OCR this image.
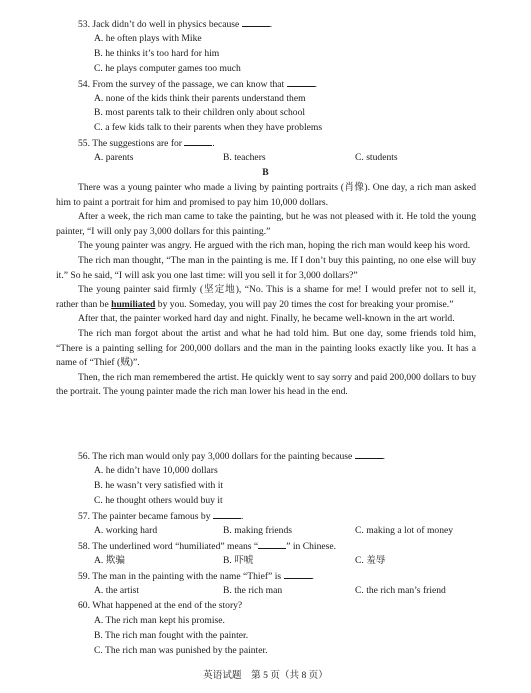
53. Jack didn’t do well in physics because	.
A. he often plays with Mike
B. he thinks it’s too hard for him
C. he plays computer games too much
54. From the survey of the passage, we can know that	.
A. none of the kids think their parents understand them
B. most parents talk to their children only about school
C. a few kids talk to their parents when they have problems
55. The suggestions are for	.
A. parents	B. teachers	C. students
B

There was a young painter who made a living by painting portraits (肖像). One day, a rich man asked him to paint a portrait for him and promised to pay him 10,000 dollars.

After a week, the rich man came to take the painting, but he was not pleased with it. He told the young painter, “I will only pay 3,000 dollars for this painting.”

The young painter was angry. He argued with the rich man, hoping the rich man would keep his word.

The rich man thought, “The man in the painting is me. If I don’t buy this painting, no one else will buy it.” So he said, “I will ask you one last time: will you sell it for 3,000 dollars?”

The young painter said firmly (坚定地), “No. This is a shame for me! I would prefer not to sell it, rather than be humiliated by you. Someday, you will pay 20 times the cost for breaking your promise.”

After that, the painter worked hard day and night. Finally, he became well-known in the art world.

The rich man forgot about the artist and what he had told him. But one day, some friends told him, “There is a painting selling for 200,000 dollars and the man in the painting looks exactly like you. It has a name of “Thief (贼)”.

Then, the rich man remembered the artist. He quickly went to say sorry and paid 200,000 dollars to buy the portrait. The young painter made the rich man lower his head in the end.

56. The rich man would only pay 3,000 dollars for the painting because	.
A. he didn’t have 10,000 dollars
B. he wasn’t very satisfied with it
C. he thought others would buy it
57. The painter became famous by	.
A. working hard	B. making friends	C. making a lot of money
58. The underlined word “humiliated” means “	” in Chinese.
A. 欺骗	B. 吓唬	C. 羞辱
59. The man in the painting with the name “Thief” is	.
A. the artist	B. the rich man	C. the rich man’s friend
60. What happened at the end of the story?
A. The rich man kept his promise.
B. The rich man fought with the painter.
C. The rich man was punished by the painter.
英语试题　第 5 页（共 8 页）
